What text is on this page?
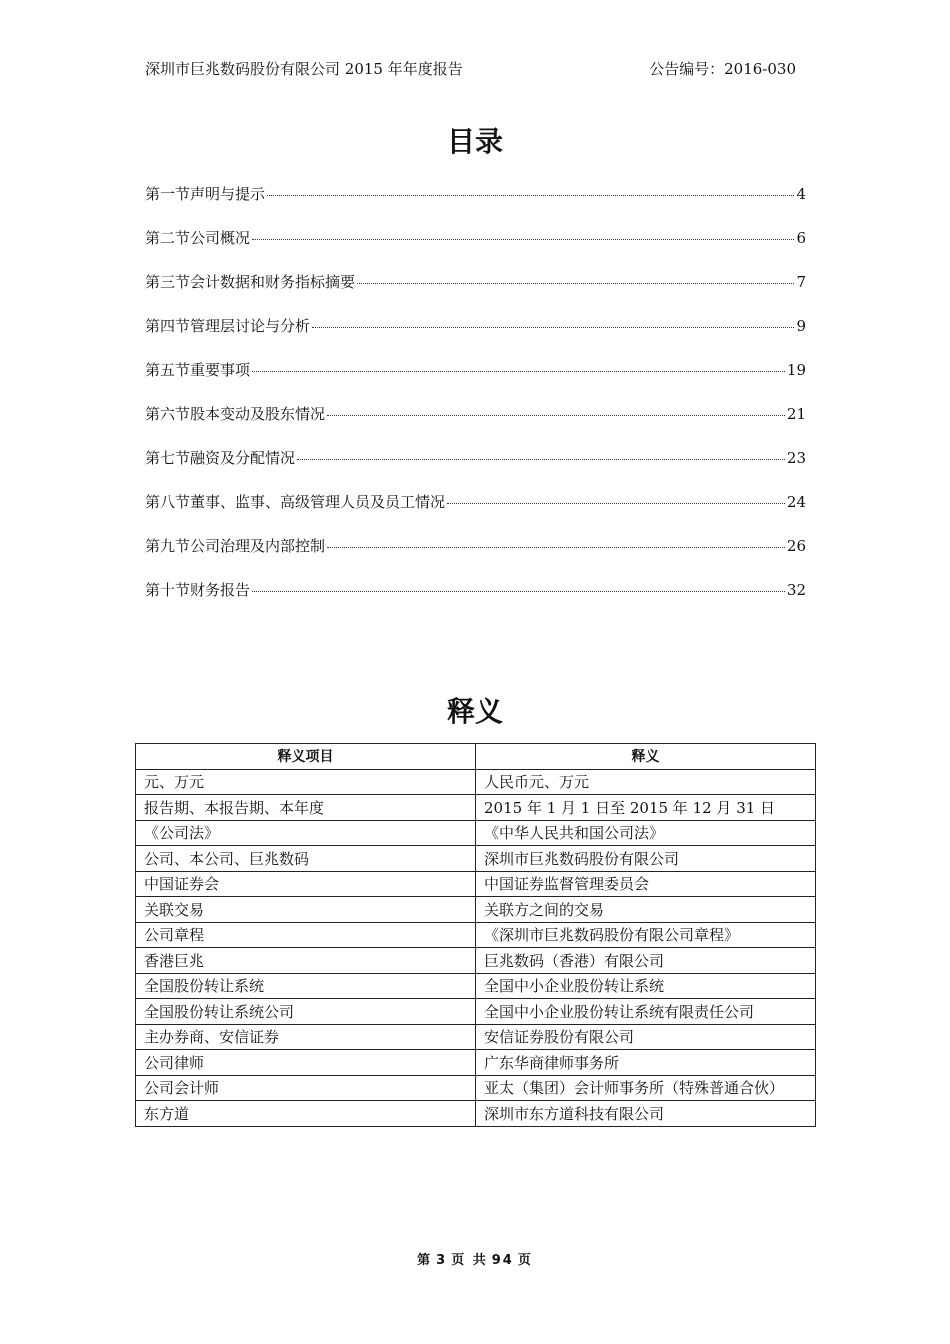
深圳市巨兆数码股份有限公司 2015 年年度报告	公告编号：2016-030
目录
第一节声明与提示	4
第二节公司概况	6
第三节会计数据和财务指标摘要	7
第四节管理层讨论与分析	9
第五节重要事项	19
第六节股本变动及股东情况	21
第七节融资及分配情况	23
第八节董事、监事、高级管理人员及员工情况	24
第九节公司治理及内部控制	26
第十节财务报告	32
释义
释义项目	释义
元、万元	人民币元、万元
报告期、本报告期、本年度	2015 年 1 月 1 日至 2015 年 12 月 31 日
《公司法》	《中华人民共和国公司法》
公司、本公司、巨兆数码	深圳市巨兆数码股份有限公司
中国证券会	中国证券监督管理委员会
关联交易	关联方之间的交易
公司章程	《深圳市巨兆数码股份有限公司章程》
香港巨兆	巨兆数码（香港）有限公司
全国股份转让系统	全国中小企业股份转让系统
全国股份转让系统公司	全国中小企业股份转让系统有限责任公司
主办券商、安信证券	安信证券股份有限公司
公司律师	广东华商律师事务所
公司会计师	亚太（集团）会计师事务所（特殊普通合伙）
东方道	深圳市东方道科技有限公司
第 3 页 共 94 页
